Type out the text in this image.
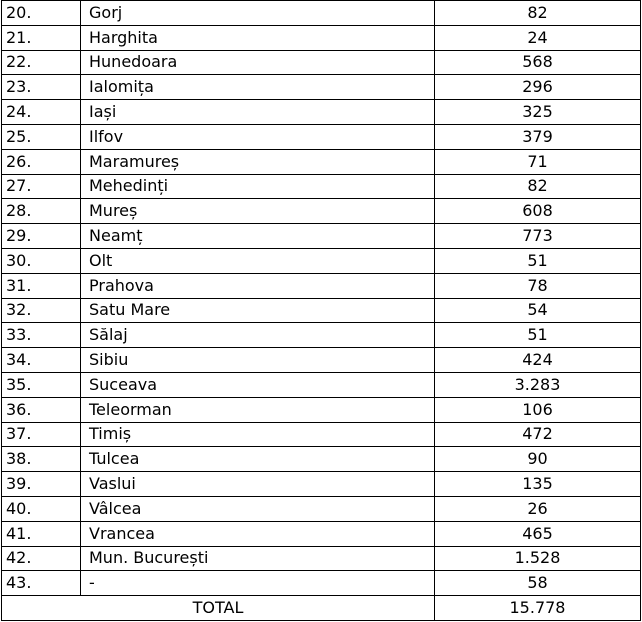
20.	Gorj	82
21.	Harghita	24
22.	Hunedoara	568
23.	Ialomița	296
24.	Iași	325
25.	Ilfov	379
26.	Maramureș	71
27.	Mehedinți	82
28.	Mureș	608
29.	Neamț	773
30.	Olt	51
31.	Prahova	78
32.	Satu Mare	54
33.	Sălaj	51
34.	Sibiu	424
35.	Suceava	3.283
36.	Teleorman	106
37.	Timiș	472
38.	Tulcea	90
39.	Vaslui	135
40.	Vâlcea	26
41.	Vrancea	465
42.	Mun. București	1.528
43.	-	58
TOTAL		15.778
